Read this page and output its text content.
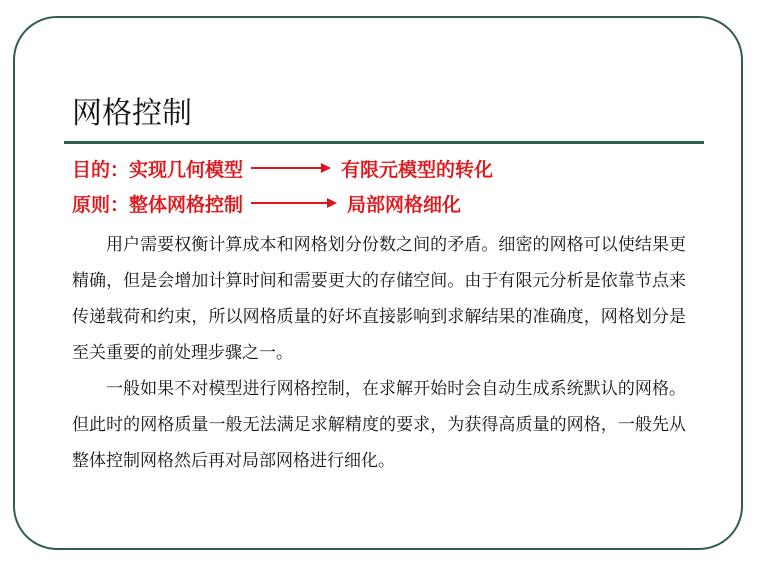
网格控制
目的：实现几何模型	有限元模型的转化
原则：整体网格控制	局部网格细化

用户需要权衡计算成本和网格划分份数之间的矛盾。细密的网格可以使结果更精确，但是会增加计算时间和需要更大的存储空间。由于有限元分析是依靠节点来传递载荷和约束，所以网格质量的好坏直接影响到求解结果的准确度，网格划分是至关重要的前处理步骤之一。

一般如果不对模型进行网格控制，在求解开始时会自动生成系统默认的网格。但此时的网格质量一般无法满足求解精度的要求，为获得高质量的网格，一般先从整体控制网格然后再对局部网格进行细化。
